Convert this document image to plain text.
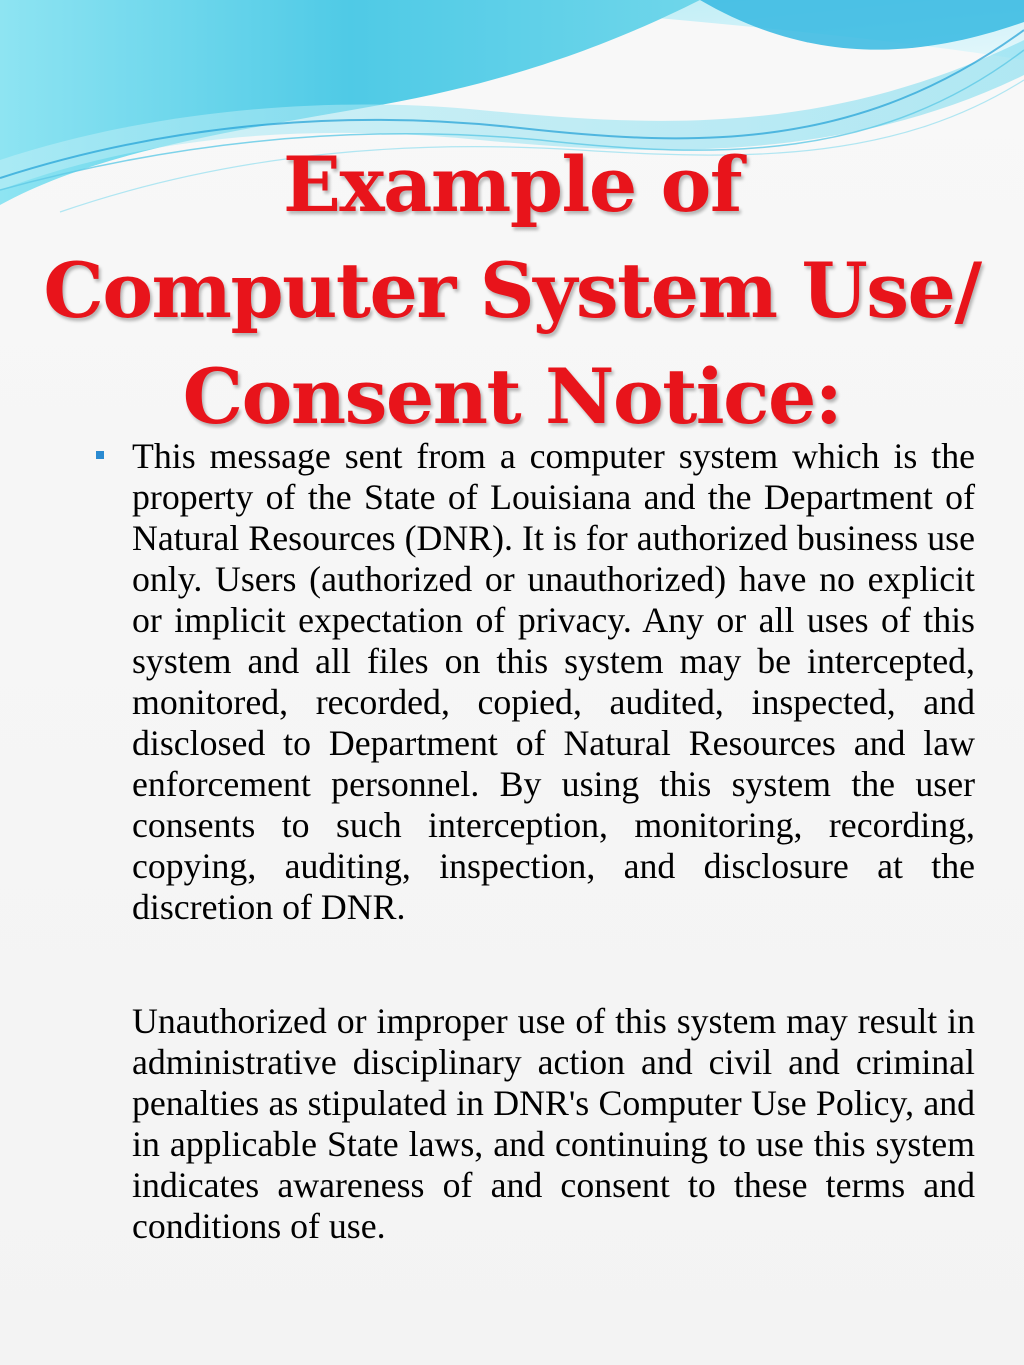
Example of
Computer System Use/
Consent Notice:

This message sent from a computer system which is the property of the State of Louisiana and the Department of Natural Resources (DNR). It is for authorized business use only. Users (authorized or unauthorized) have no explicit or implicit expectation of privacy. Any or all uses of this system and all files on this system may be intercepted, monitored, recorded, copied, audited, inspected, and disclosed to Department of Natural Resources and law enforcement personnel. By using this system the user consents to such interception, monitoring, recording, copying, auditing, inspection, and disclosure at the discretion of DNR.

Unauthorized or improper use of this system may result in administrative disciplinary action and civil and criminal penalties as stipulated in DNR's Computer Use Policy, and in applicable State laws, and continuing to use this system indicates awareness of and consent to these terms and conditions of use.
